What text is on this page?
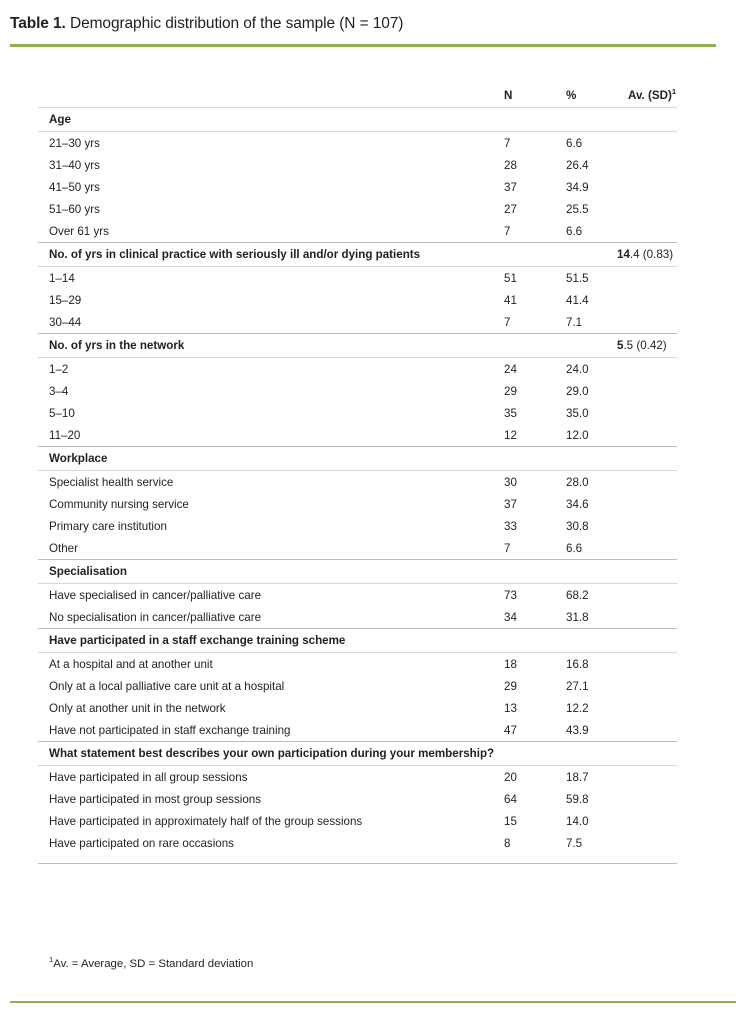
Table 1. Demographic distribution of the sample (N = 107)
	N	%	Av. (SD)$^1$
Age			
21–30 yrs	7	6.6	
31–40 yrs	28	26.4	
41–50 yrs	37	34.9	
51–60 yrs	27	25.5	
Over 61 yrs	7	6.6	
No. of yrs in clinical practice with seriously ill and/or dying patients			14.4 (0.83)
1–14	51	51.5	
15–29	41	41.4	
30–44	7	7.1	
No. of yrs in the network			5.5 (0.42)
1–2	24	24.0	
3–4	29	29.0	
5–10	35	35.0	
11–20	12	12.0	
Workplace			
Specialist health service	30	28.0	
Community nursing service	37	34.6	
Primary care institution	33	30.8	
Other	7	6.6	
Specialisation			
Have specialised in cancer/palliative care	73	68.2	
No specialisation in cancer/palliative care	34	31.8	
Have participated in a staff exchange training scheme			
At a hospital and at another unit	18	16.8	
Only at a local palliative care unit at a hospital	29	27.1	
Only at another unit in the network	13	12.2	
Have not participated in staff exchange training	47	43.9	
What statement best describes your own participation during your membership?			
Have participated in all group sessions	20	18.7	
Have participated in most group sessions	64	59.8	
Have participated in approximately half of the group sessions	15	14.0	
Have participated on rare occasions	8	7.5	

$^1$Av. = Average, SD = Standard deviation
